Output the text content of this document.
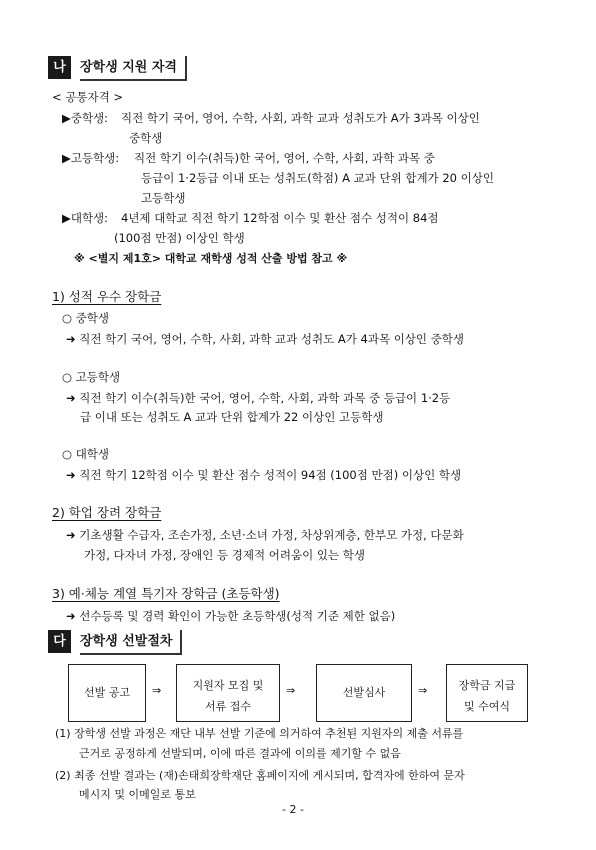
나	장학생 지원 자격
< 공통자격 >
▶중학생: 직전 학기 국어, 영어, 수학, 사회, 과학 교과 성취도가 A가 3과목 이상인
중학생
▶고등학생: 직전 학기 이수(취득)한 국어, 영어, 수학, 사회, 과학 과목 중
등급이 1·2등급 이내 또는 성취도(학점) A 교과 단위 합계가 20 이상인
고등학생
▶대학생: 4년제 대학교 직전 학기 12학점 이수 및 환산 점수 성적이 84점
(100점 만점) 이상인 학생
※ <별지 제1호> 대학교 재학생 성적 산출 방법 참고 ※
1) 성적 우수 장학금
○ 중학생
➜ 직전 학기 국어, 영어, 수학, 사회, 과학 교과 성취도 A가 4과목 이상인 중학생
○ 고등학생
➜ 직전 학기 이수(취득)한 국어, 영어, 수학, 사회, 과학 과목 중 등급이 1·2등
급 이내 또는 성취도 A 교과 단위 합계가 22 이상인 고등학생
○ 대학생
➜ 직전 학기 12학점 이수 및 환산 점수 성적이 94점 (100점 만점) 이상인 학생
2) 학업 장려 장학금
➜ 기초생활 수급자, 조손가정, 소년·소녀 가정, 차상위계층, 한부모 가정, 다문화
가정, 다자녀 가정, 장애인 등 경제적 어려움이 있는 학생
3) 예·체능 계열 특기자 장학금 (초등학생)
➜ 선수등록 및 경력 확인이 가능한 초등학생(성적 기준 제한 없음)
다	장학생 선발절차
선발 공고	⇒	지원자 모집 및
서류 접수
⇒	선발심사	⇒	장학금 지급
및 수여식
(1) 장학생 선발 과정은 재단 내부 선발 기준에 의거하여 추천된 지원자의 제출 서류를
근거로 공정하게 선발되며, 이에 따른 결과에 이의를 제기할 수 없음
(2) 최종 선발 결과는 (재)손태희장학재단 홈페이지에 게시되며, 합격자에 한하여 문자
메시지 및 이메일로 통보
- 2 -
